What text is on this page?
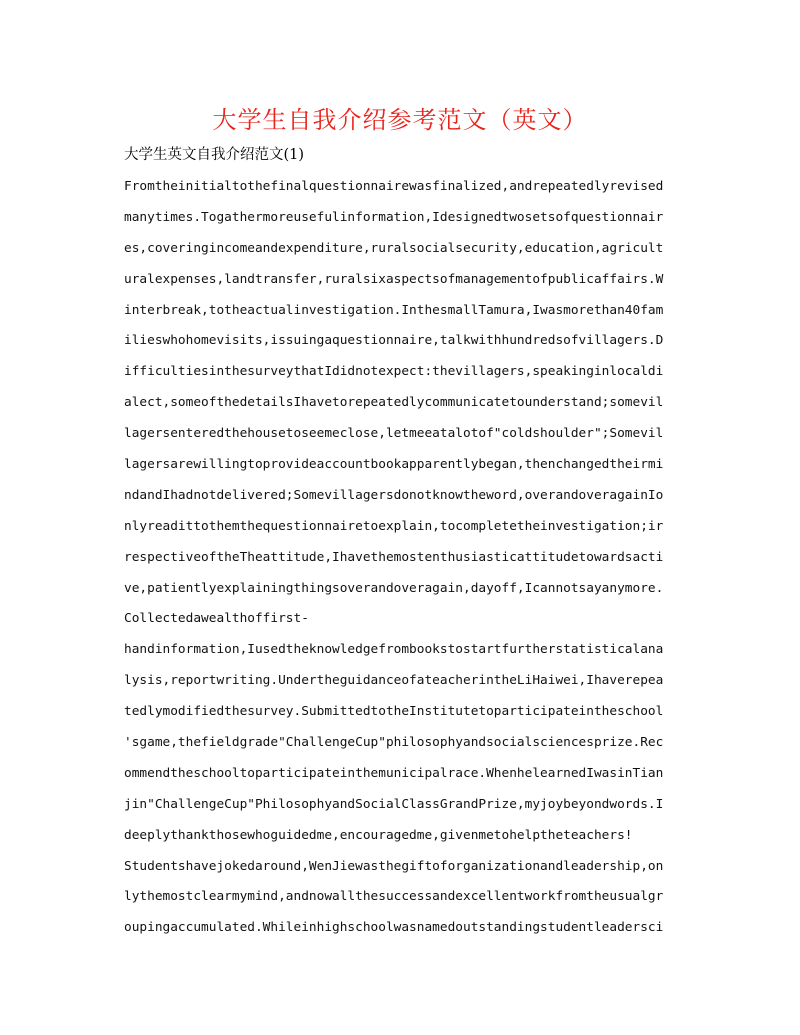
大学生自我介绍参考范文（英文）
大学生英文自我介绍范文(1)
Fromtheinitialtothefinalquestionnairewasfinalized,andrepeatedlyrevised
manytimes.Togathermoreusefulinformation,Idesignedtwosetsofquestionnair
es,coveringincomeandexpenditure,ruralsocialsecurity,education,agricult
uralexpenses,landtransfer,ruralsixaspectsofmanagementofpublicaffairs.W
interbreak,totheactualinvestigation.InthesmallTamura,Iwasmorethan40fam
ilieswhohomevisits,issuingaquestionnaire,talkwithhundredsofvillagers.D
ifficultiesinthesurveythatIdidnotexpect:thevillagers,speakinginlocaldi
alect,someofthedetailsIhavetorepeatedlycommunicatetounderstand;somevil
lagersenteredthehousetoseemeclose,letmeeatalotof"coldshoulder";Somevil
lagersarewillingtoprovideaccountbookapparentlybegan,thenchangedtheirmi
ndandIhadnotdelivered;Somevillagersdonotknowtheword,overandoveragainIo
nlyreadittothemthequestionnairetoexplain,tocompletetheinvestigation;ir
respectiveoftheTheattitude,Ihavethemostenthusiasticattitudetowardsacti
ve,patientlyexplainingthingsoverandoveragain,dayoff,Icannotsayanymore.
Collectedawealthoffirst-
handinformation,Iusedtheknowledgefrombookstostartfurtherstatisticalana
lysis,reportwriting.UndertheguidanceofateacherintheLiHaiwei,Ihaverepea
tedlymodifiedthesurvey.SubmittedtotheInstitutetoparticipateintheschool
'sgame,thefieldgrade"ChallengeCup"philosophyandsocialsciencesprize.Rec
ommendtheschooltoparticipateinthemunicipalrace.WhenhelearnedIwasinTian
jin"ChallengeCup"PhilosophyandSocialClassGrandPrize,myjoybeyondwords.I
deeplythankthosewhoguidedme,encouragedme,givenmetohelptheteachers!
Studentshavejokedaround,WenJiewasthegiftoforganizationandleadership,on
lythemostclearmymind,andnowallthesuccessandexcellentworkfromtheusualgr
oupingaccumulated.Whileinhighschoolwasnamedoutstandingstudentleadersci
